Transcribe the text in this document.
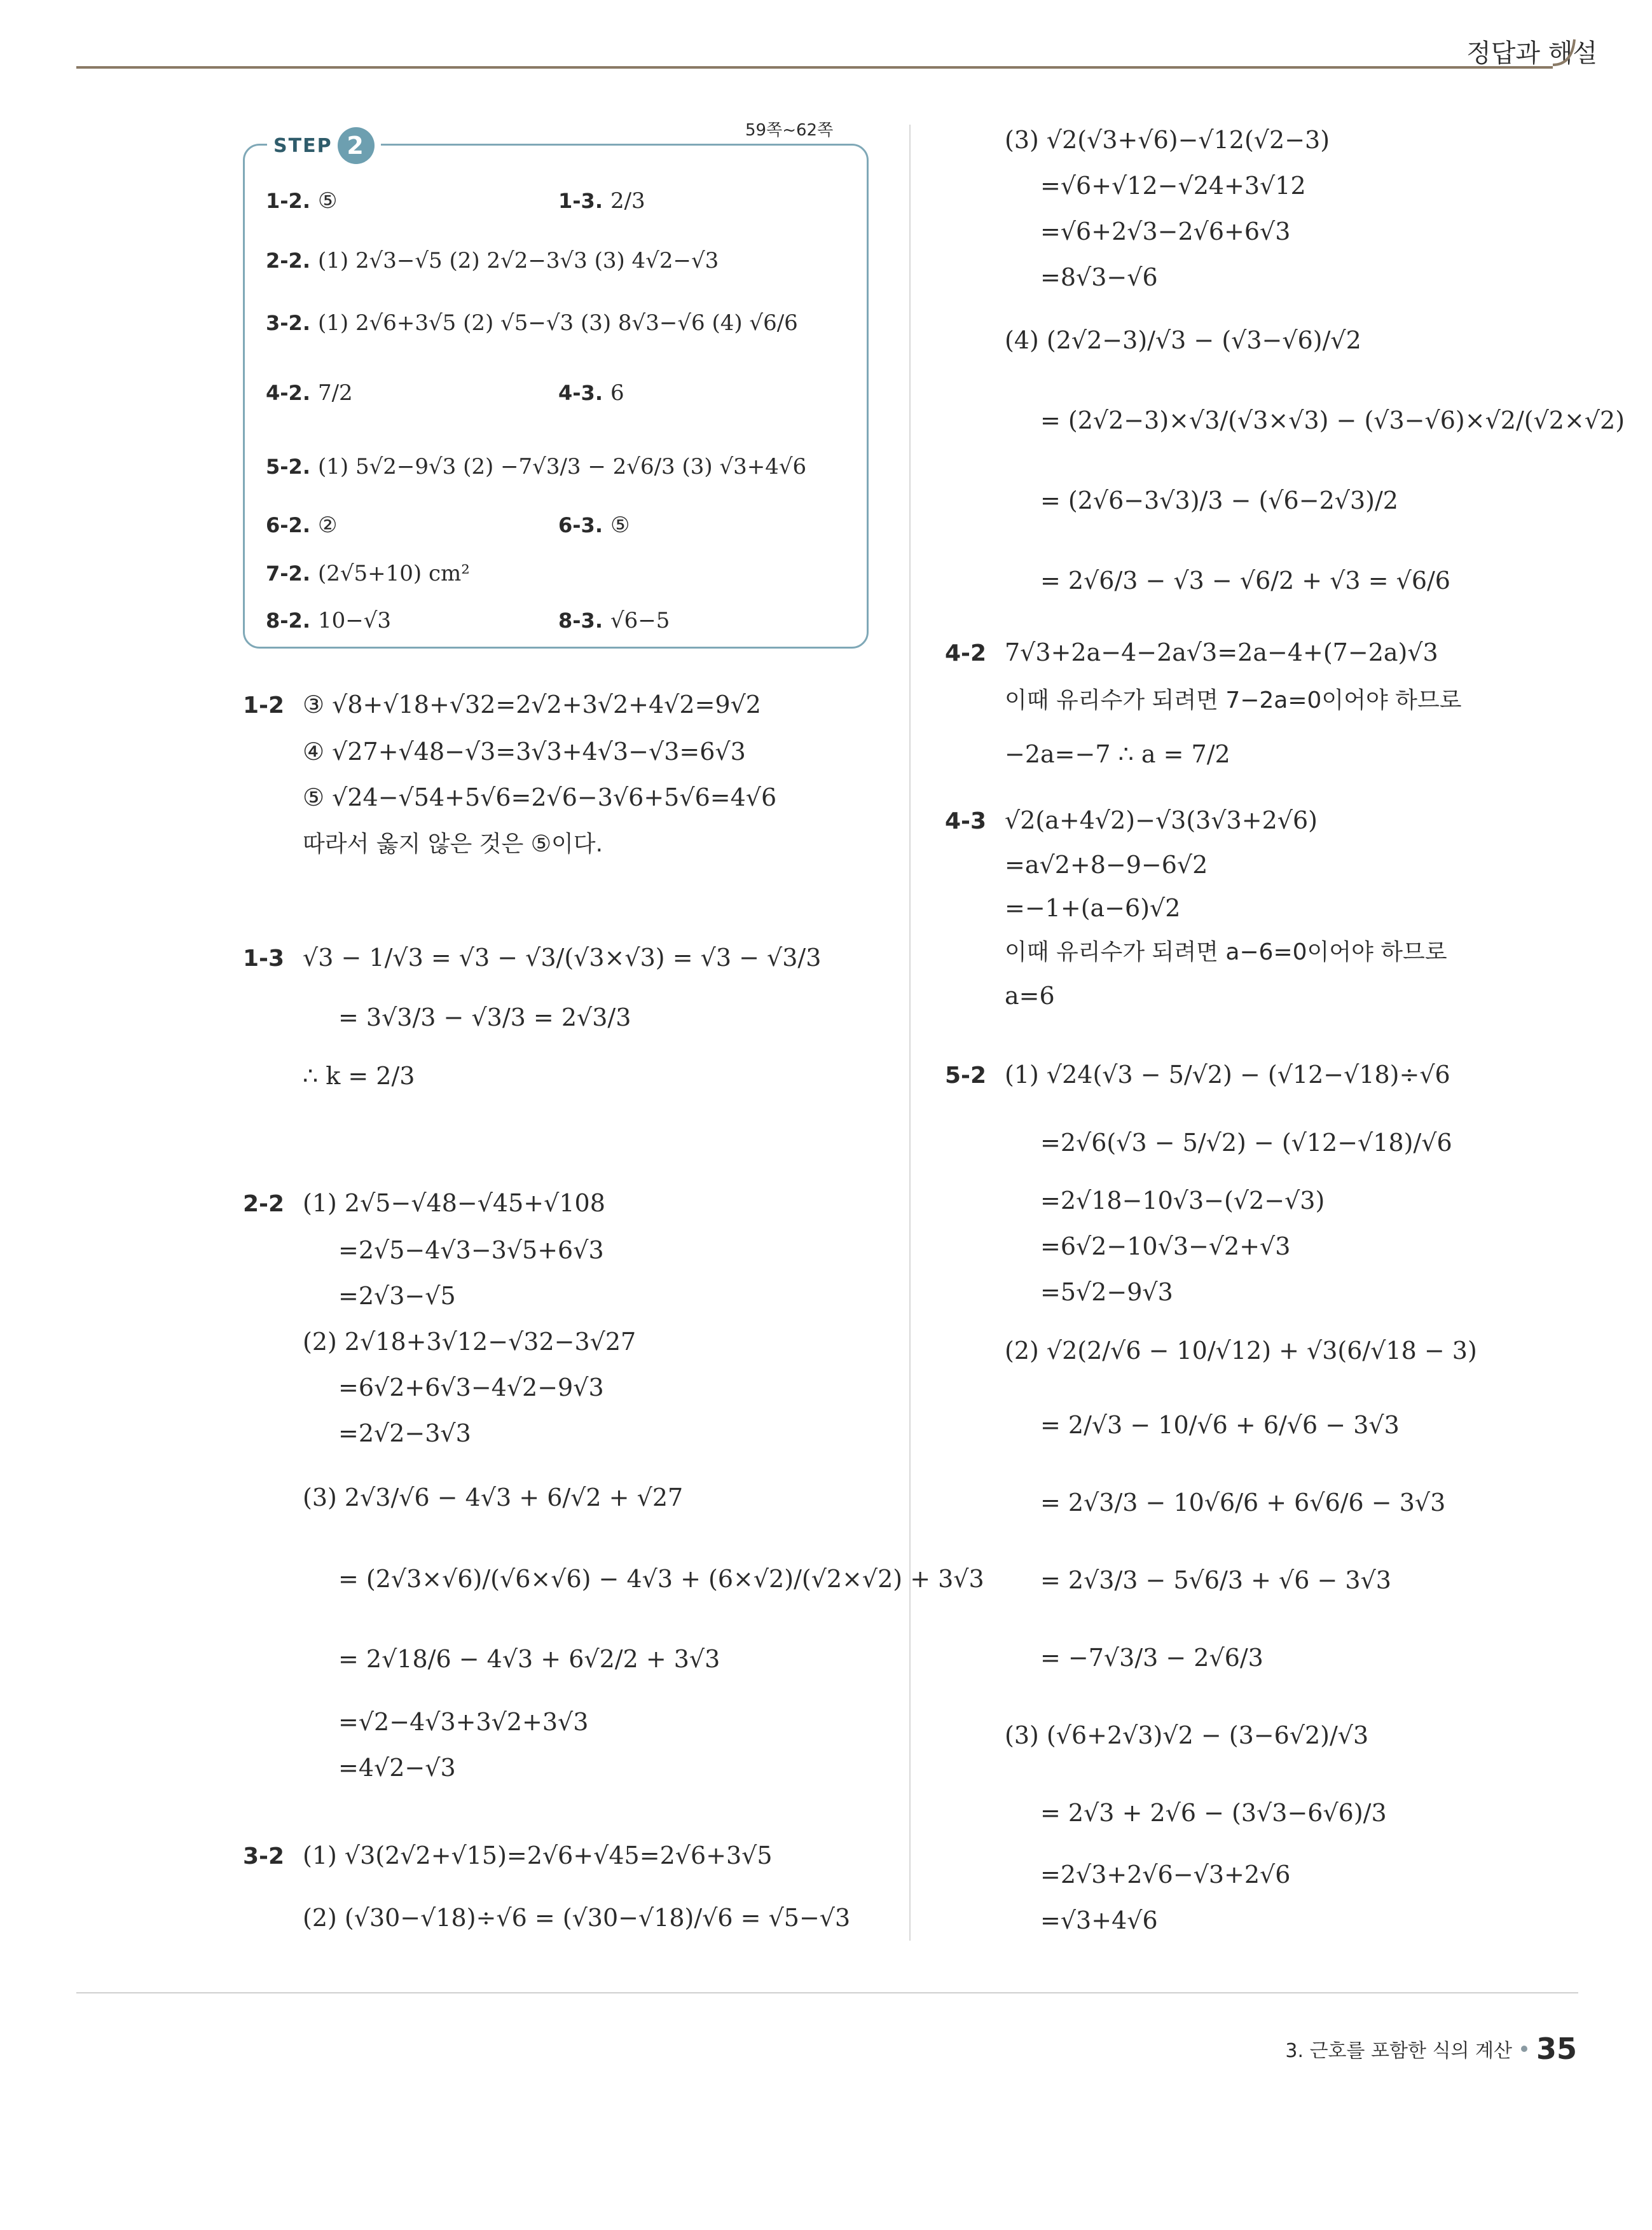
정답과 해설
STEP 2
59쪽~62쪽
1-2. ⑤	1-3. 2/3
2-2. (1) 2√3−√5 (2) 2√2−3√3 (3) 4√2−√3
3-2. (1) 2√6+3√5 (2) √5−√3 (3) 8√3−√6 (4) √6/6
4-2. 7/2	4-3. 6
5-2. (1) 5√2−9√3 (2) −7√3/3 − 2√6/3 (3) √3+4√6
6-2. ②	6-3. ⑤
7-2. (2√5+10) cm²
8-2. 10−√3	8-3. √6−5
1-2 ③ √8+√18+√32=2√2+3√2+4√2=9√2
④ √27+√48−√3=3√3+4√3−√3=6√3
⑤ √24−√54+5√6=2√6−3√6+5√6=4√6
따라서 옳지 않은 것은 ⑤이다.
1-3 √3 − 1/√3 = √3 − √3/(√3×√3) = √3 − √3/3
= 3√3/3 − √3/3 = 2√3/3
∴ k = 2/3
2-2 (1) 2√5−√48−√45+√108
=2√5−4√3−3√5+6√3
=2√3−√5
(2) 2√18+3√12−√32−3√27
=6√2+6√3−4√2−9√3
=2√2−3√3
(3) 2√3/√6 − 4√3 + 6/√2 + √27
= (2√3×√6)/(√6×√6) − 4√3 + (6×√2)/(√2×√2) + 3√3
= 2√18/6 − 4√3 + 6√2/2 + 3√3
=√2−4√3+3√2+3√3
=4√2−√3
3-2 (1) √3(2√2+√15)=2√6+√45=2√6+3√5
(2) (√30−√18)÷√6 = (√30−√18)/√6 = √5−√3
(3) √2(√3+√6)−√12(√2−3)
=√6+√12−√24+3√12
=√6+2√3−2√6+6√3
=8√3−√6
(4) (2√2−3)/√3 − (√3−√6)/√2
= (2√2−3)×√3/(√3×√3) − (√3−√6)×√2/(√2×√2)
= (2√6−3√3)/3 − (√6−2√3)/2
= 2√6/3 − √3 − √6/2 + √3 = √6/6
4-2 7√3+2a−4−2a√3=2a−4+(7−2a)√3
이때 유리수가 되려면 7−2a=0이어야 하므로
−2a=−7 ∴ a = 7/2
4-3 √2(a+4√2)−√3(3√3+2√6)
=a√2+8−9−6√2
=−1+(a−6)√2
이때 유리수가 되려면 a−6=0이어야 하므로
a=6
5-2 (1) √24(√3 − 5/√2) − (√12−√18)÷√6
=2√6(√3 − 5/√2) − (√12−√18)/√6
=2√18−10√3−(√2−√3)
=6√2−10√3−√2+√3
=5√2−9√3
(2) √2(2/√6 − 10/√12) + √3(6/√18 − 3)
= 2/√3 − 10/√6 + 6/√6 − 3√3
= 2√3/3 − 10√6/6 + 6√6/6 − 3√3
= 2√3/3 − 5√6/3 + √6 − 3√3
= −7√3/3 − 2√6/3
(3) (√6+2√3)√2 − (3−6√2)/√3
= 2√3 + 2√6 − (3√3−6√6)/3
=2√3+2√6−√3+2√6
=√3+4√6
3. 근호를 포함한 식의 계산 35
